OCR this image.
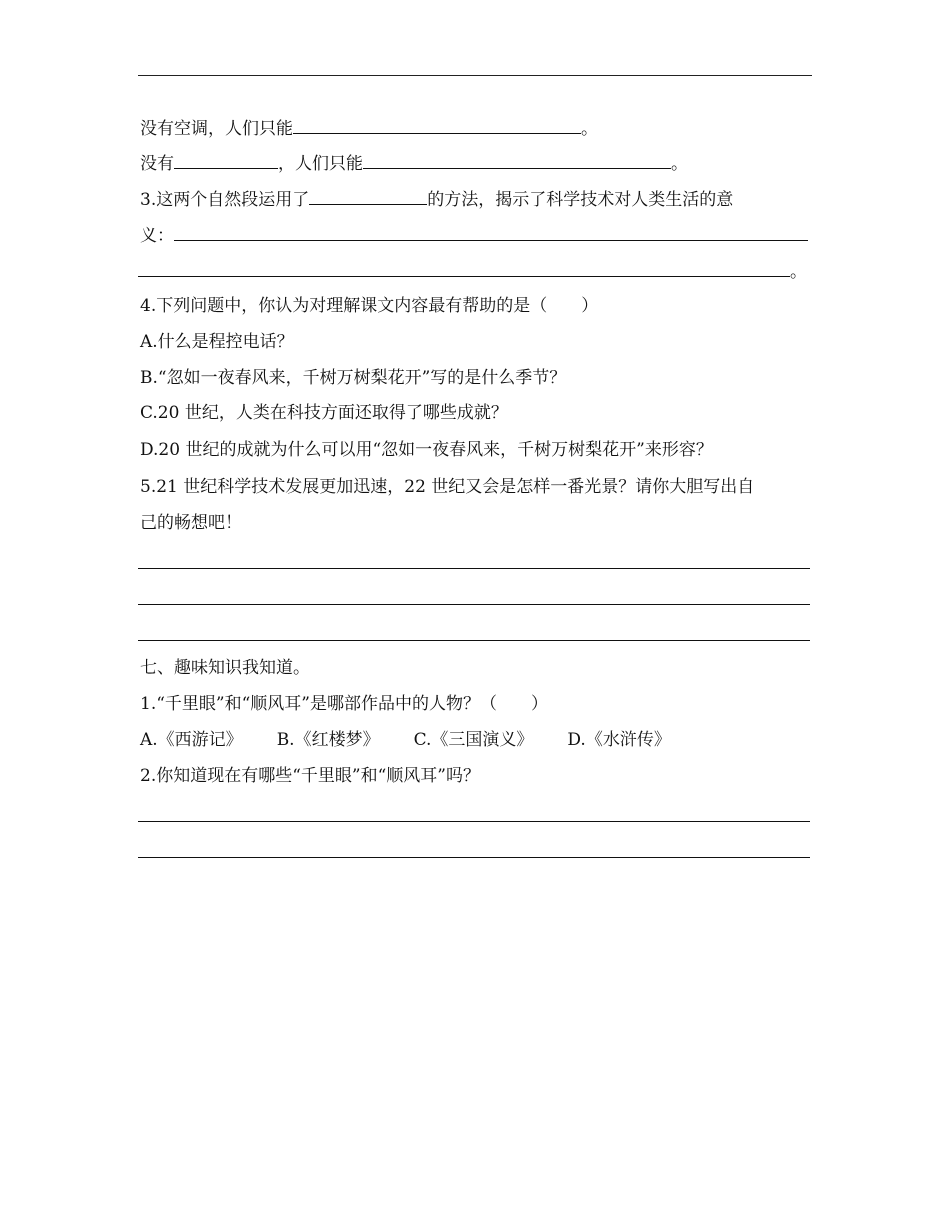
没有空调，人们只能	。
没有	，人们只能	。
3.这两个自然段运用了	的方法，揭示了科学技术对人类生活的意
义：
。
4.下列问题中，你认为对理解课文内容最有帮助的是（　　）
A.什么是程控电话？
B.“忽如一夜春风来，千树万树梨花开”写的是什么季节？
C.20 世纪，人类在科技方面还取得了哪些成就？
D.20 世纪的成就为什么可以用“忽如一夜春风来，千树万树梨花开”来形容？
5.21 世纪科学技术发展更加迅速，22 世纪又会是怎样一番光景？请你大胆写出自
己的畅想吧！
七、趣味知识我知道。
1.“千里眼”和“顺风耳”是哪部作品中的人物？（　　）
A.《西游记》 B.《红楼梦》 C.《三国演义》 D.《水浒传》
2.你知道现在有哪些“千里眼”和“顺风耳”吗？
